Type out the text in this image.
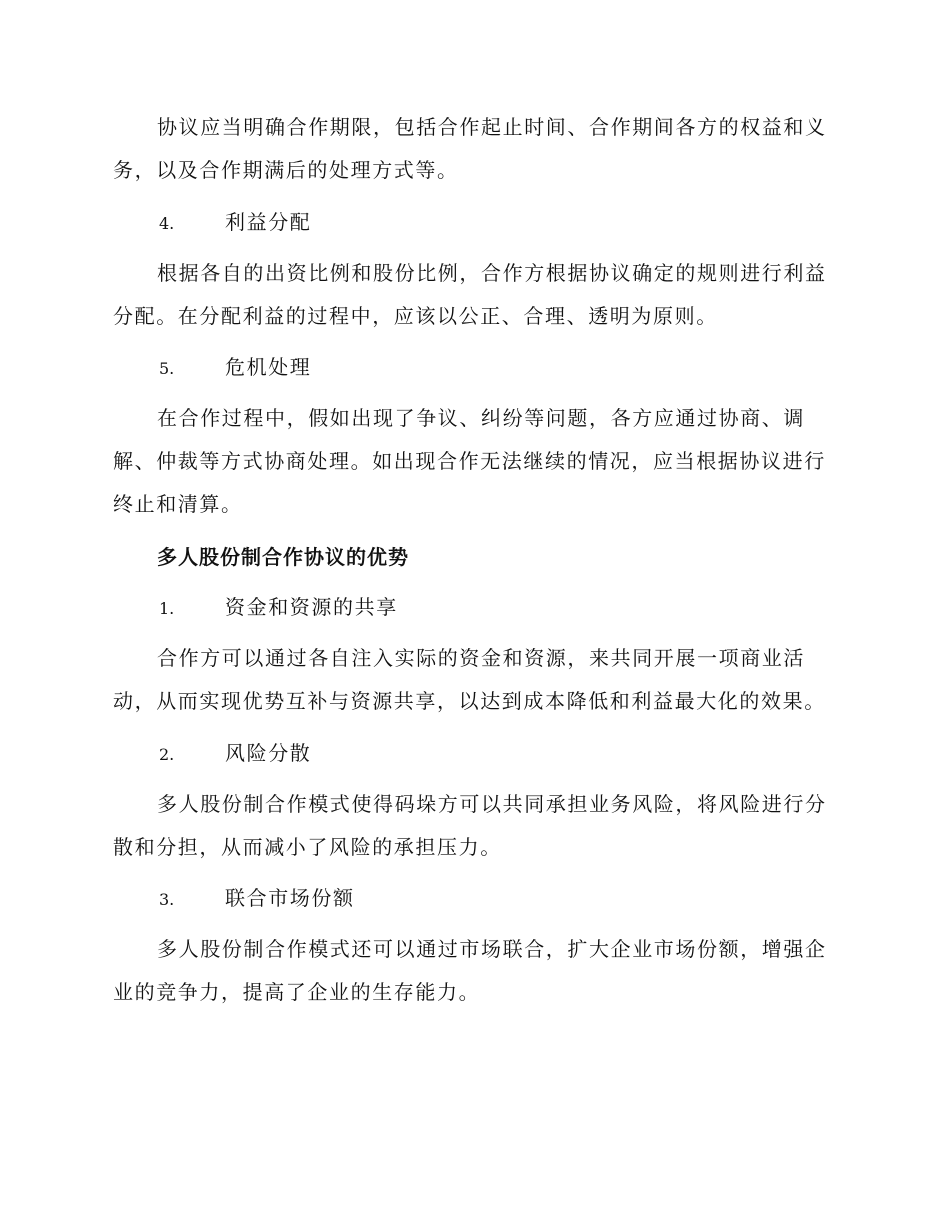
协议应当明确合作期限，包括合作起止时间、合作期间各方的权益和义务，以及合作期满后的处理方式等。

4.	利益分配

根据各自的出资比例和股份比例，合作方根据协议确定的规则进行利益分配。在分配利益的过程中，应该以公正、合理、透明为原则。

5.	危机处理

在合作过程中，假如出现了争议、纠纷等问题，各方应通过协商、调解、仲裁等方式协商处理。如出现合作无法继续的情况，应当根据协议进行终止和清算。

多人股份制合作协议的优势
1.	资金和资源的共享

合作方可以通过各自注入实际的资金和资源，来共同开展一项商业活动，从而实现优势互补与资源共享，以达到成本降低和利益最大化的效果。

2.	风险分散

多人股份制合作模式使得码垛方可以共同承担业务风险，将风险进行分散和分担，从而减小了风险的承担压力。

3.	联合市场份额

多人股份制合作模式还可以通过市场联合，扩大企业市场份额，增强企业的竞争力，提高了企业的生存能力。
